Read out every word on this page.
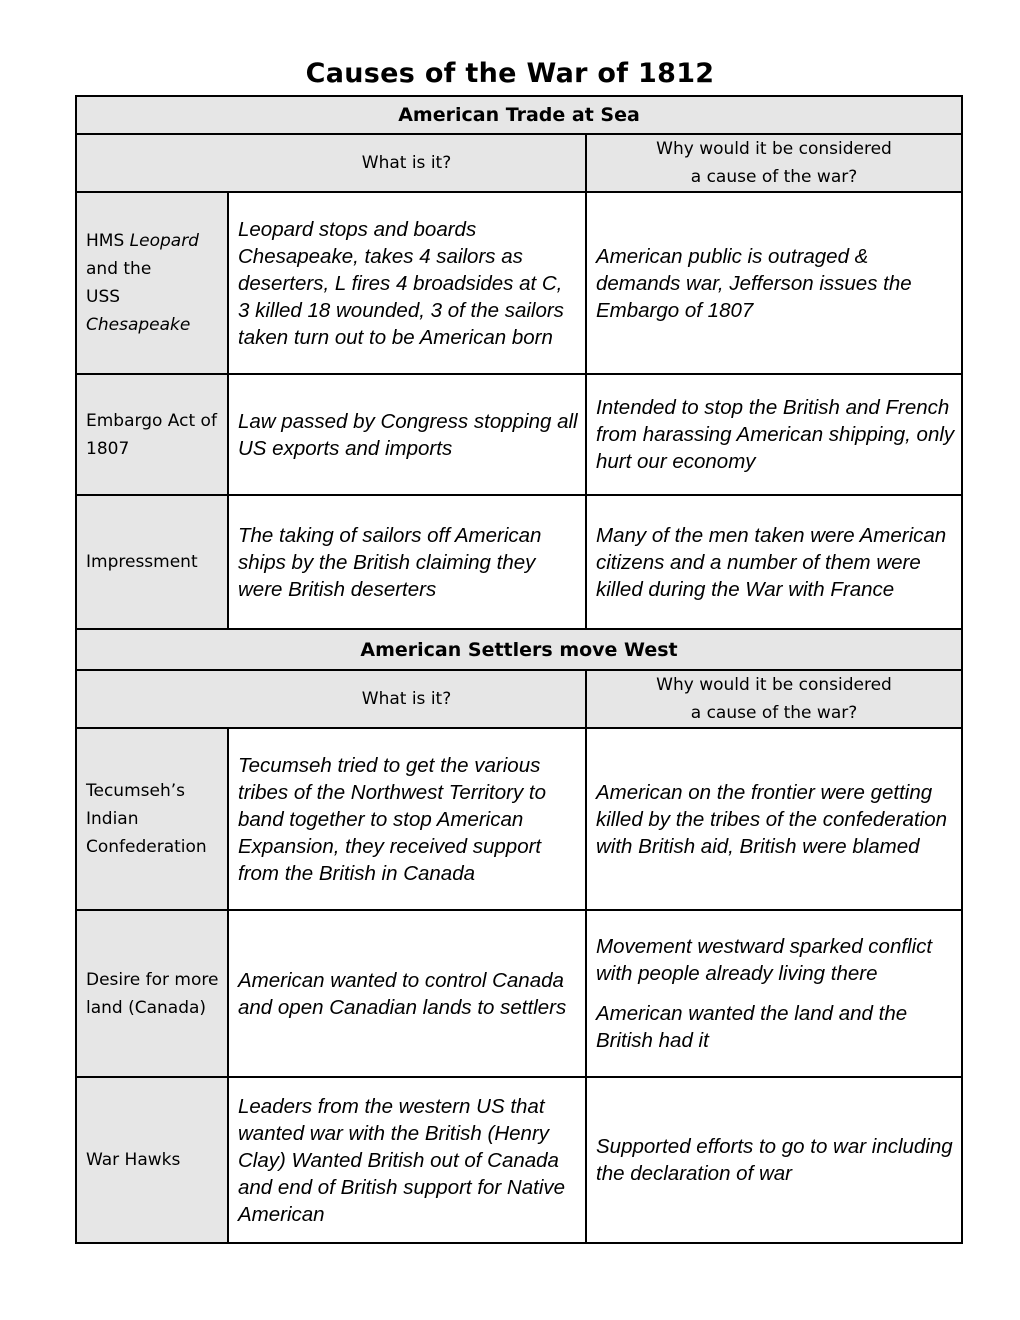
Causes of the War of 1812
American Trade at Sea		
	What is it?	Why would it be considered
a cause of the war?

HMS Leopard and the
USS
Chesapeake	Leopard stops and boards Chesapeake, takes 4 sailors as deserters, L fires 4 broadsides at C, 3 killed 18 wounded, 3 of the sailors taken turn out to be American born	American public is outraged & demands war, Jefferson issues the Embargo of 1807

Embargo Act of 1807	Law passed by Congress stopping all US exports and imports	Intended to stop the British and French from harassing American shipping, only hurt our economy

Impressment	The taking of sailors off American ships by the British claiming they were British deserters	Many of the men taken were American citizens and a number of them were killed during the War with France

American Settlers move West		
	What is it?	Why would it be considered
a cause of the war?

Tecumseh’s Indian Confederation	Tecumseh tried to get the various tribes of the Northwest Territory to band together to stop American Expansion, they received support from the British in Canada	American on the frontier were getting killed by the tribes of the confederation with British aid, British were blamed

Desire for more land (Canada)	American wanted to control Canada and open Canadian lands to settlers	Movement westward sparked conflict with people already living there

American wanted the land and the British had it

War Hawks	Leaders from the western US that wanted war with the British (Henry Clay) Wanted British out of Canada and end of British support for Native American	Supported efforts to go to war including the declaration of war
